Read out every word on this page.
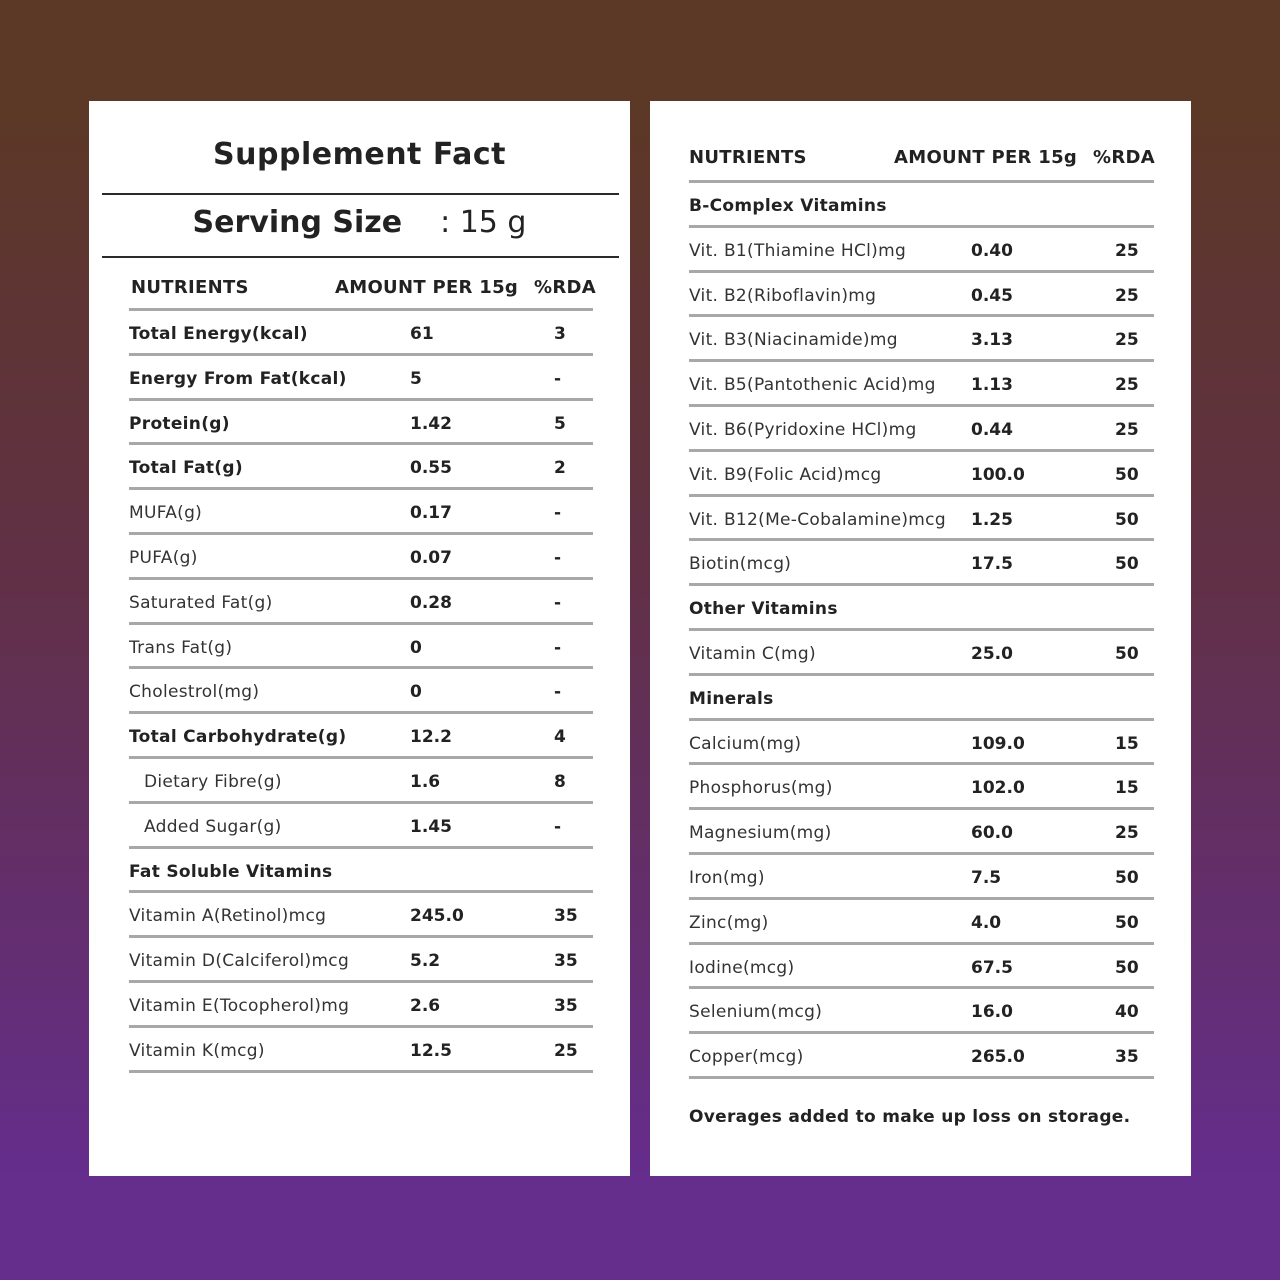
Supplement Fact
Serving Size : 15 g
NUTRIENTS	AMOUNT PER 15g %RDA
Total Energy(kcal)	61	3
Energy From Fat(kcal)	5	-
Protein(g)	1.42	5
Total Fat(g)	0.55	2
MUFA(g)	0.17	-
PUFA(g)	0.07	-
Saturated Fat(g)	0.28	-
Trans Fat(g)	0	-
Cholestrol(mg)	0	-
Total Carbohydrate(g)	12.2	4
Dietary Fibre(g)	1.6	8
Added Sugar(g)	1.45	-
Fat Soluble Vitamins
Vitamin A(Retinol)mcg	245.0	35
Vitamin D(Calciferol)mcg	5.2	35
Vitamin E(Tocopherol)mg	2.6	35
Vitamin K(mcg)	12.5	25
NUTRIENTS	AMOUNT PER 15g %RDA
B-Complex Vitamins
Vit. B1(Thiamine HCl)mg	0.40	25
Vit. B2(Riboflavin)mg	0.45	25
Vit. B3(Niacinamide)mg	3.13	25
Vit. B5(Pantothenic Acid)mg 1.13	25
Vit. B6(Pyridoxine HCl)mg	0.44	25
Vit. B9(Folic Acid)mcg	100.0	50
Vit. B12(Me-Cobalamine)mcg 1.25	50
Biotin(mcg)	17.5	50
Other Vitamins
Vitamin C(mg)	25.0	50
Minerals
Calcium(mg)	109.0	15
Phosphorus(mg)	102.0	15
Magnesium(mg)	60.0	25
Iron(mg)	7.5	50
Zinc(mg)	4.0	50
Iodine(mcg)	67.5	50
Selenium(mcg)	16.0	40
Copper(mcg)	265.0	35
Overages added to make up loss on storage.
